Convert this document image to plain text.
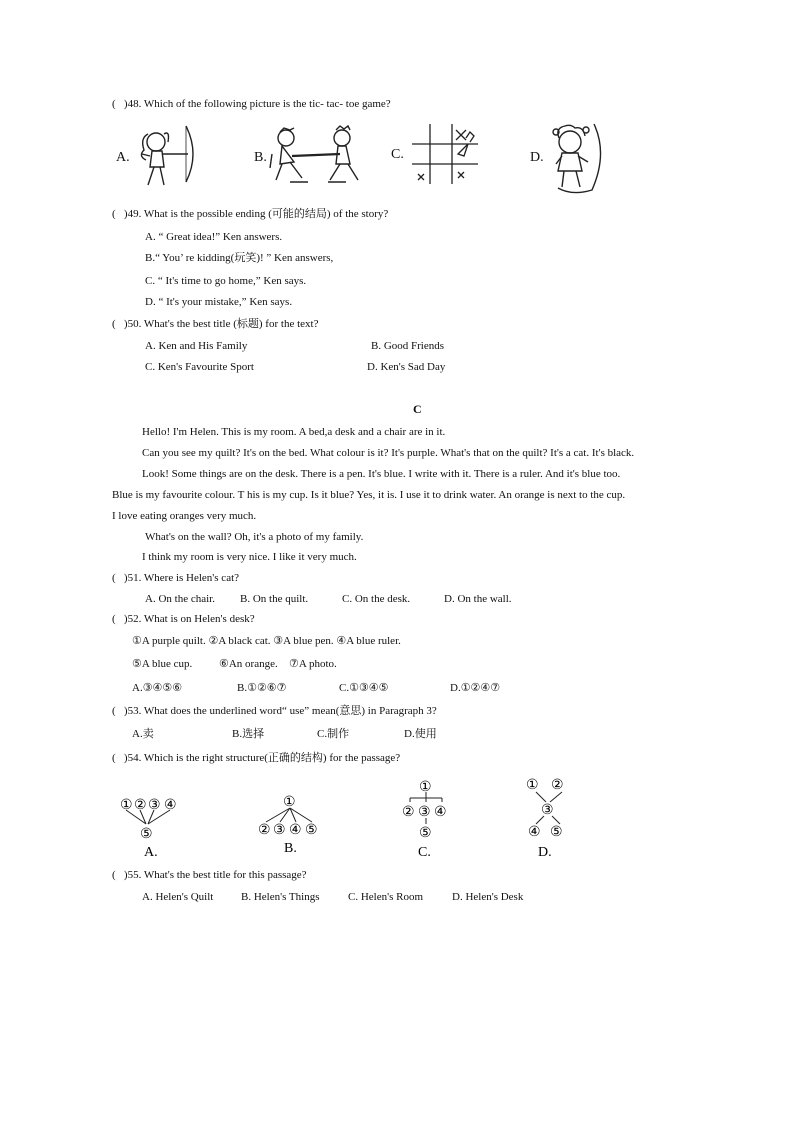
( )48. Which of the following picture is the tic- tac- toe game?
A.	B.	C.	D.
( )49. What is the possible ending (可能的结局) of the story?
A. “ Great idea!” Ken answers.
B.“ You’ re kidding(玩笑)! ” Ken answers,
C. “ It's time to go home,” Ken says.
D. “ It's your mistake,” Ken says.
( )50. What's the best title (标题) for the text?
A. Ken and His Family	B. Good Friends
C. Ken's Favourite Sport	D. Ken's Sad Day
C
Hello! I'm Helen. This is my room. A bed,a desk and a chair are in it.
Can you see my quilt? It's on the bed. What colour is it? It's purple. What's that on the quilt? It's a cat. It's black.
Look! Some things are on the desk. There is a pen. It's blue. I write with it. There is a ruler. And it's blue too.
Blue is my favourite colour. T his is my cup. Is it blue? Yes, it is. I use it to drink water. An orange is next to the cup.
I love eating oranges very much.
What's on the wall? Oh, it's a photo of my family.
I think my room is very nice. I like it very much.
( )51. Where is Helen's cat?
A. On the chair. B. On the quilt.	C. On the desk.	D. On the wall.
( )52. What is on Helen's desk?
①A purple quilt. ②A black cat. ③A blue pen. ④A blue ruler.
⑤A blue cup. ⑥An orange. ⑦A photo.
A.③④⑤⑥	B.①②⑥⑦	C.①③④⑤	D.①②④⑦
( )53. What does the underlined word“ use” mean(意思) in Paragraph 3?
A.卖	B.选择	C.制作	D.使用
( )54. Which is the right structure(正确的结构) for the passage?
① ② ③ ④
⑤
A.
①
② ③ ④ ⑤
B.
①
② ③ ④
⑤
C.
① ②
③
④ ⑤
D.
( )55. What's the best title for this passage?
A. Helen's Quilt	B. Helen's Things	C. Helen's Room	D. Helen's Desk
